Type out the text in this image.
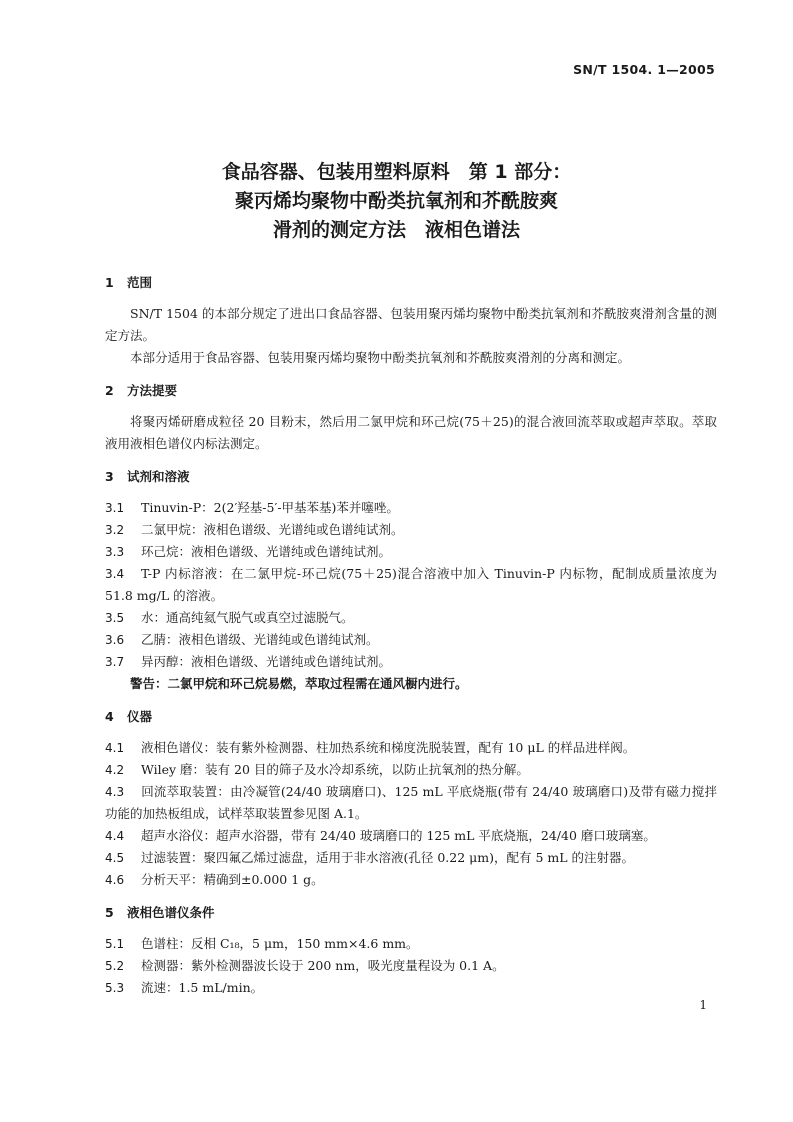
SN/T 1504. 1—2005
食品容器、包装用塑料原料　第 1 部分：
聚丙烯均聚物中酚类抗氧剂和芥酰胺爽
滑剂的测定方法　液相色谱法
1 范围
SN/T 1504 的本部分规定了进出口食品容器、包装用聚丙烯均聚物中酚类抗氧剂和芥酰胺爽滑剂含量的测定方法。
本部分适用于食品容器、包装用聚丙烯均聚物中酚类抗氧剂和芥酰胺爽滑剂的分离和测定。
2 方法提要
将聚丙烯研磨成粒径 20 目粉末，然后用二氯甲烷和环己烷(75＋25)的混合液回流萃取或超声萃取。萃取液用液相色谱仪内标法测定。
3 试剂和溶液
3.1 Tinuvin-P：2(2′羟基-5′-甲基苯基)苯并噻唑。
3.2 二氯甲烷：液相色谱级、光谱纯或色谱纯试剂。
3.3 环己烷：液相色谱级、光谱纯或色谱纯试剂。
3.4 T-P 内标溶液：在二氯甲烷-环己烷(75＋25)混合溶液中加入 Tinuvin-P 内标物，配制成质量浓度为 51.8 mg/L 的溶液。
3.5 水：通高纯氦气脱气或真空过滤脱气。
3.6 乙腈：液相色谱级、光谱纯或色谱纯试剂。
3.7 异丙醇：液相色谱级、光谱纯或色谱纯试剂。
警告：二氯甲烷和环己烷易燃，萃取过程需在通风橱内进行。
4 仪器
4.1 液相色谱仪：装有紫外检测器、柱加热系统和梯度洗脱装置，配有 10 μL 的样品进样阀。
4.2 Wiley 磨：装有 20 目的筛子及水冷却系统，以防止抗氧剂的热分解。
4.3 回流萃取装置：由冷凝管(24/40 玻璃磨口)、125 mL 平底烧瓶(带有 24/40 玻璃磨口)及带有磁力搅拌功能的加热板组成，试样萃取装置参见图 A.1。
4.4 超声水浴仪：超声水浴器，带有 24/40 玻璃磨口的 125 mL 平底烧瓶，24/40 磨口玻璃塞。
4.5 过滤装置：聚四氟乙烯过滤盘，适用于非水溶液(孔径 0.22 μm)，配有 5 mL 的注射器。
4.6 分析天平：精确到±0.000 1 g。
5 液相色谱仪条件
5.1 色谱柱：反相 C₁₈，5 μm，150 mm×4.6 mm。
5.2 检测器：紫外检测器波长设于 200 nm，吸光度量程设为 0.1 A。
5.3 流速：1.5 mL/min。
1
